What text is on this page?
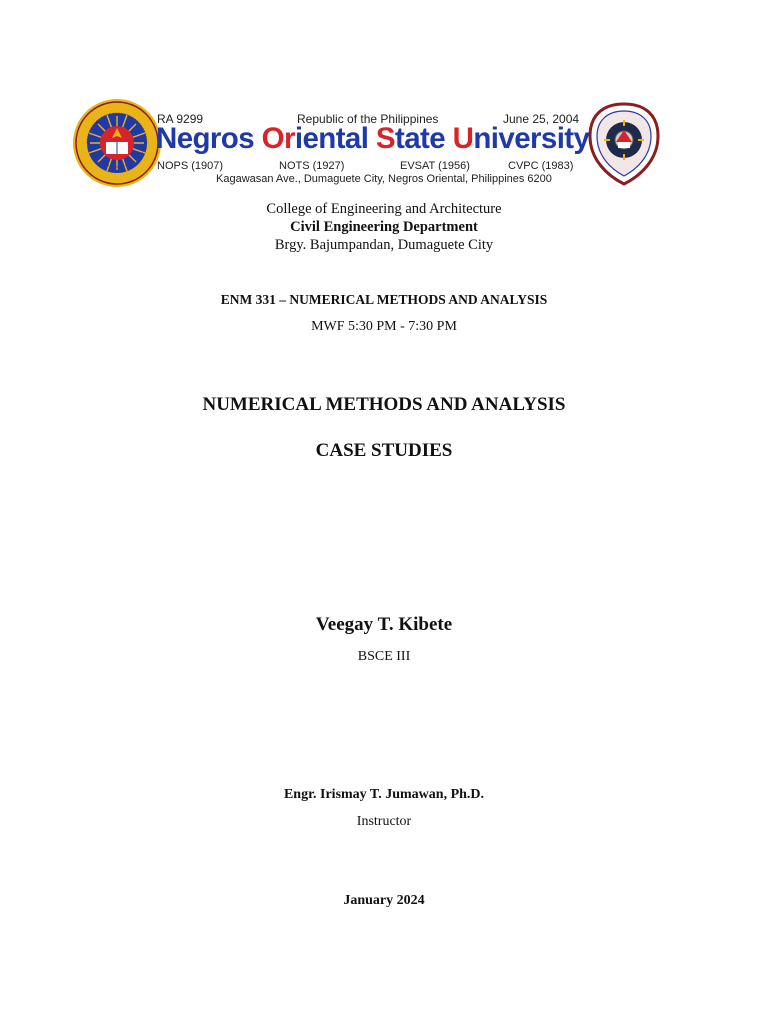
RA 9299	Republic of the Philippines	June 25, 2004
Negros Oriental State University
NOPS (1907)	NOTS (1927)	EVSAT (1956)	CVPC (1983)
Kagawasan Ave., Dumaguete City, Negros Oriental, Philippines 6200
College of Engineering and Architecture
Civil Engineering Department
Brgy. Bajumpandan, Dumaguete City
ENM 331 – NUMERICAL METHODS AND ANALYSIS
MWF 5:30 PM - 7:30 PM
NUMERICAL METHODS AND ANALYSIS
CASE STUDIES
Veegay T. Kibete
BSCE III
Engr. Irismay T. Jumawan, Ph.D.
Instructor
January 2024
